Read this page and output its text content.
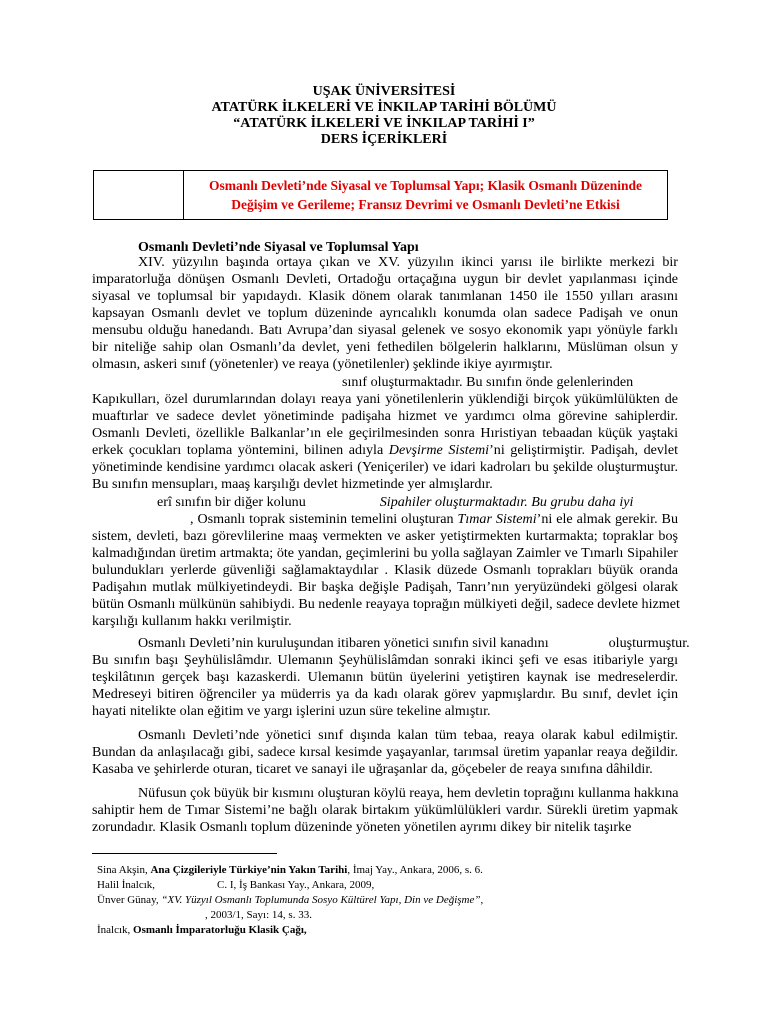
UŞAK ÜNİVERSİTESİ
ATATÜRK İLKELERİ VE İNKILAP TARİHİ BÖLÜMÜ
“ATATÜRK İLKELERİ VE İNKILAP TARİHİ I”
DERS İÇERİKLERİ
Osmanlı Devleti’nde Siyasal ve Toplumsal Yapı; Klasik Osmanlı Düzeninde
Değişim ve Gerileme; Fransız Devrimi ve Osmanlı Devleti’ne Etkisi
Osmanlı Devleti’nde Siyasal ve Toplumsal Yapı
XIV. yüzyılın başında ortaya çıkan ve XV. yüzyılın ikinci yarısı ile birlikte merkezi bir
imparatorluğa dönüşen Osmanlı Devleti, Ortadoğu ortaçağına uygun bir devlet yapılanması içinde
siyasal ve toplumsal bir yapıdaydı. Klasik dönem olarak tanımlanan 1450 ile 1550 yılları arasını
kapsayan Osmanlı devlet ve toplum düzeninde ayrıcalıklı konumda olan sadece Padişah ve onun
mensubu olduğu hanedandı. Batı Avrupa’dan siyasal gelenek ve sosyo ekonomik yapı yönüyle farklı
bir niteliğe sahip olan Osmanlı’da devlet, yeni fethedilen bölgelerin halklarını, Müslüman olsun y
olmasın, askeri sınıf (yönetenler) ve reaya (yönetilenler) şeklinde ikiye ayırmıştır.
sınıf oluşturmaktadır. Bu sınıfın önde gelenlerinden
Kapıkulları, özel durumlarından dolayı reaya yani yönetilenlerin yüklendiği birçok yükümlülükten de
muaftırlar ve sadece devlet yönetiminde padişaha hizmet ve yardımcı olma görevine sahiplerdir.
Osmanlı Devleti, özellikle Balkanlar’ın ele geçirilmesinden sonra Hıristiyan tebaadan küçük yaştaki
erkek çocukları toplama yöntemini, bilinen adıyla Devşirme Sistemi’ni geliştirmiştir. Padişah, devlet
yönetiminde kendisine yardımcı olacak askeri (Yeniçeriler) ve idari kadroları bu şekilde oluşturmuştur.
Bu sınıfın mensupları, maaş karşılığı devlet hizmetinde yer almışlardır.
erî sınıfın bir diğer kolunu	Sipahiler oluşturmaktadır. Bu grubu daha iyi
, Osmanlı toprak sisteminin temelini oluşturan Tımar Sistemi’ni ele almak gerekir. Bu
sistem, devleti, bazı görevlilerine maaş vermekten ve asker yetiştirmekten kurtarmakta; topraklar boş
kalmadığından üretim artmakta; öte yandan, geçimlerini bu yolla sağlayan Zaimler ve Tımarlı Sipahiler
bulundukları yerlerde güvenliği sağlamaktaydılar . Klasik düzede Osmanlı toprakları büyük oranda
Padişahın mutlak mülkiyetindeydi. Bir başka değişle Padişah, Tanrı’nın yeryüzündeki gölgesi olarak
bütün Osmanlı mülkünün sahibiydi. Bu nedenle reayaya toprağın mülkiyeti değil, sadece devlete hizmet
karşılığı kullanım hakkı verilmiştir.
Osmanlı Devleti’nin kuruluşundan itibaren yönetici sınıfın sivil kanadını	oluşturmuştur.
Bu sınıfın başı Şeyhülislâmdır. Ulemanın Şeyhülislâmdan sonraki ikinci şefi ve esas itibariyle yargı
teşkilâtının gerçek başı kazaskerdi. Ulemanın bütün üyelerini yetiştiren kaynak ise medreselerdir.
Medreseyi bitiren öğrenciler ya müderris ya da kadı olarak görev yapmışlardır. Bu sınıf, devlet için
hayati nitelikte olan eğitim ve yargı işlerini uzun süre tekeline almıştır.
Osmanlı Devleti’nde yönetici sınıf dışında kalan tüm tebaa, reaya olarak kabul edilmiştir.
Bundan da anlaşılacağı gibi, sadece kırsal kesimde yaşayanlar, tarımsal üretim yapanlar reaya değildir.
Kasaba ve şehirlerde oturan, ticaret ve sanayi ile uğraşanlar da, göçebeler de reaya sınıfına dâhildir.
Nüfusun çok büyük bir kısmını oluşturan köylü reaya, hem devletin toprağını kullanma hakkına
sahiptir hem de Tımar Sistemi’ne bağlı olarak birtakım yükümlülükleri vardır. Sürekli üretim yapmak
zorundadır. Klasik Osmanlı toplum düzeninde yöneten yönetilen ayrımı dikey bir nitelik taşırke
Sina Akşin, Ana Çizgileriyle Türkiye’nin Yakın Tarihi, İmaj Yay., Ankara, 2006, s. 6.
Halil İnalcık,	C. I, İş Bankası Yay., Ankara, 2009,
Ünver Günay, “XV. Yüzyıl Osmanlı Toplumunda Sosyo Kültürel Yapı, Din ve Değişme”,
, 2003/1, Sayı: 14, s. 33.
İnalcık, Osmanlı İmparatorluğu Klasik Çağı,
